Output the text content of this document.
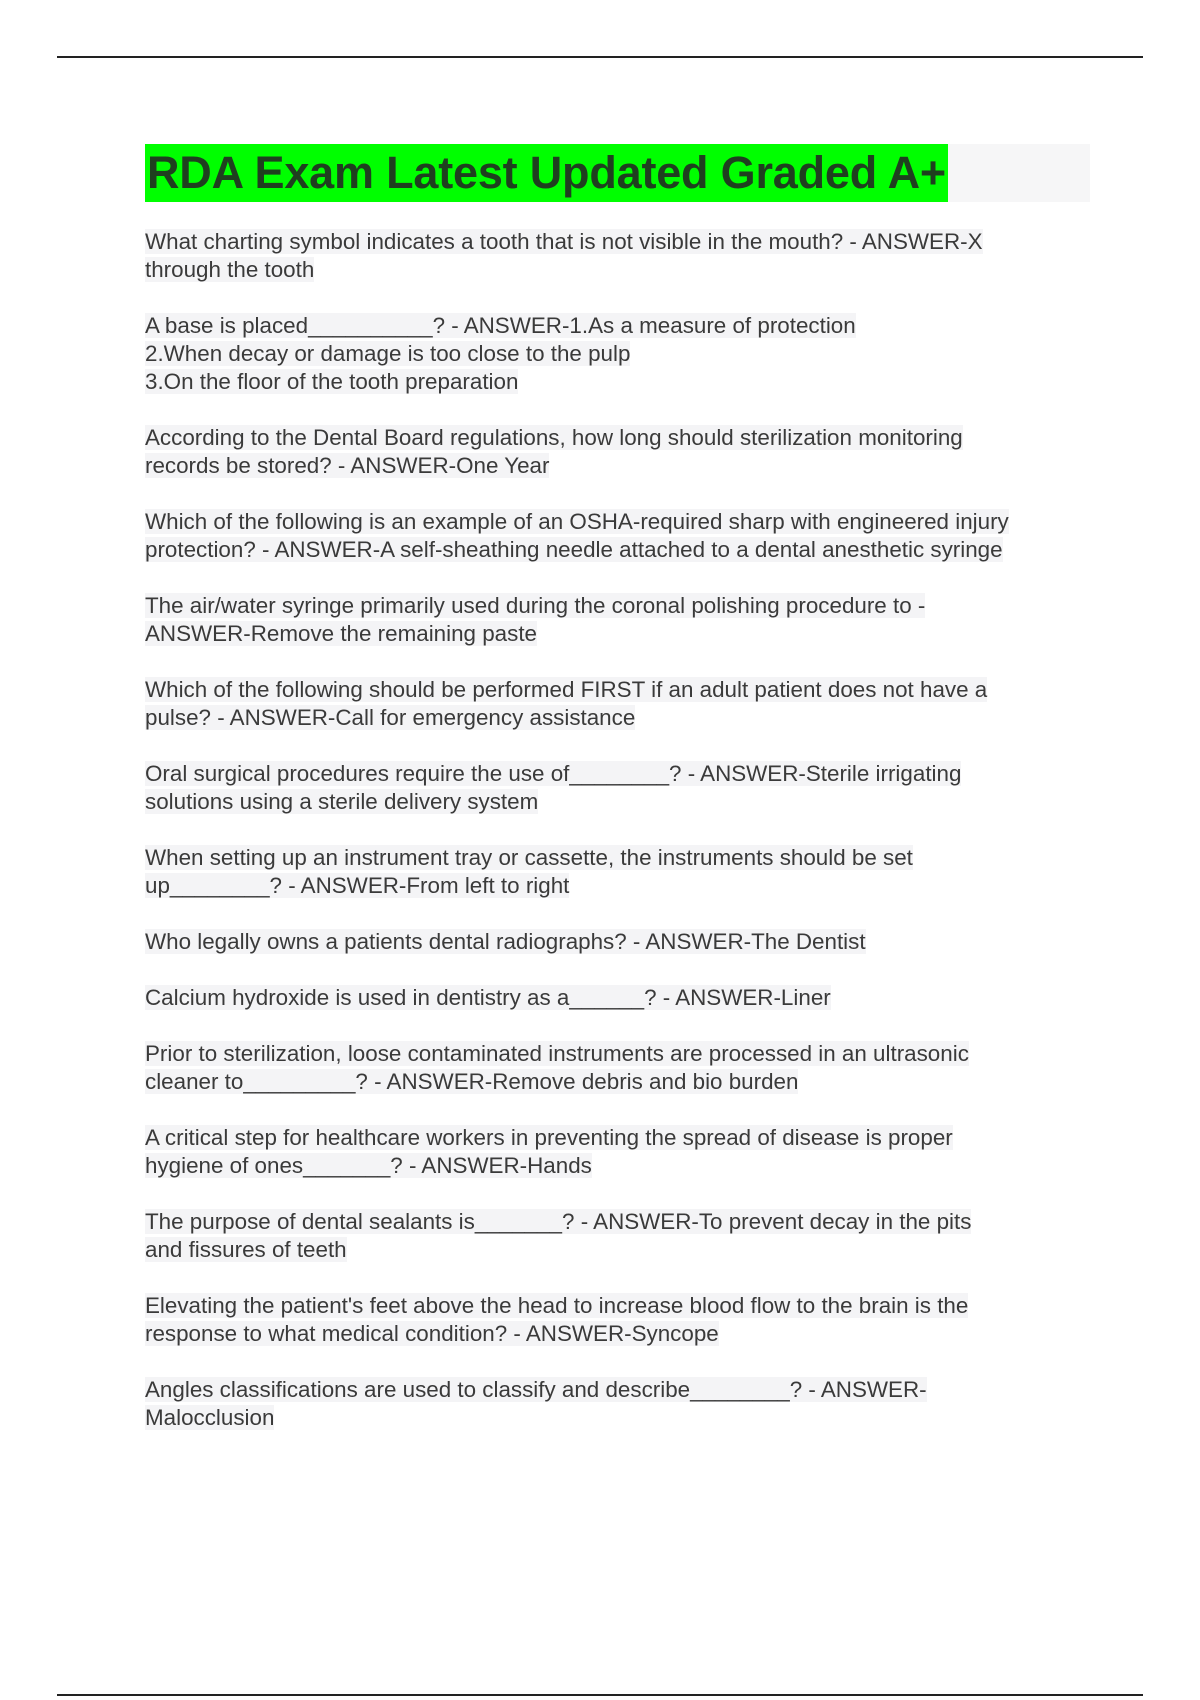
RDA Exam Latest Updated Graded A+

What charting symbol indicates a tooth that is not visible in the mouth? - ANSWER-X
through the tooth

A base is placed__________? - ANSWER-1.As a measure of protection
2.When decay or damage is too close to the pulp
3.On the floor of the tooth preparation

According to the Dental Board regulations, how long should sterilization monitoring
records be stored? - ANSWER-One Year

Which of the following is an example of an OSHA-required sharp with engineered injury
protection? - ANSWER-A self-sheathing needle attached to a dental anesthetic syringe

The air/water syringe primarily used during the coronal polishing procedure to -
ANSWER-Remove the remaining paste

Which of the following should be performed FIRST if an adult patient does not have a
pulse? - ANSWER-Call for emergency assistance

Oral surgical procedures require the use of________? - ANSWER-Sterile irrigating
solutions using a sterile delivery system

When setting up an instrument tray or cassette, the instruments should be set
up________? - ANSWER-From left to right

Who legally owns a patients dental radiographs? - ANSWER-The Dentist

Calcium hydroxide is used in dentistry as a______? - ANSWER-Liner

Prior to sterilization, loose contaminated instruments are processed in an ultrasonic
cleaner to_________? - ANSWER-Remove debris and bio burden

A critical step for healthcare workers in preventing the spread of disease is proper
hygiene of ones_______? - ANSWER-Hands

The purpose of dental sealants is_______? - ANSWER-To prevent decay in the pits
and fissures of teeth

Elevating the patient's feet above the head to increase blood flow to the brain is the
response to what medical condition? - ANSWER-Syncope

Angles classifications are used to classify and describe________? - ANSWER-
Malocclusion
